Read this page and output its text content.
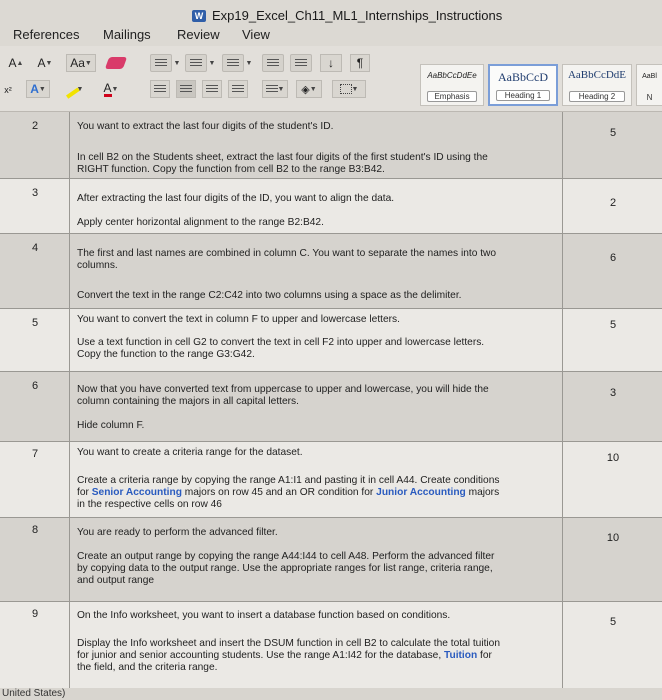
W Exp19_Excel_Ch11_ML1_Internships_Instructions
References Mailings Review View
A ▲ A ▼ Aa ▼	▼	▼	▼	↓ ¶
x² A ▼	▼ A ▼	▼ ◈ ▼	▼
AaBbCcDdEe
Emphasis
AaBbCcD
Heading 1
AaBbCcDdE
Heading 2
AaBl
N
2	You want to extract the last four digits of the student's ID.
In cell B2 on the Students sheet, extract the last four digits of the first student's ID using the
RIGHT function. Copy the function from cell B2 to the range B3:B42.
5
3	After extracting the last four digits of the ID, you want to align the data.
Apply center horizontal alignment to the range B2:B42.
2
4	The first and last names are combined in column C. You want to separate the names into two
columns.
Convert the text in the range C2:C42 into two columns using a space as the delimiter.
6
5	You want to convert the text in column F to upper and lowercase letters.
Use a text function in cell G2 to convert the text in cell F2 into upper and lowercase letters.
Copy the function to the range G3:G42.
5
6	Now that you have converted text from uppercase to upper and lowercase, you will hide the
column containing the majors in all capital letters.
Hide column F.
3
7	You want to create a criteria range for the dataset.
Create a criteria range by copying the range A1:I1 and pasting it in cell A44. Create conditions
for Senior Accounting majors on row 45 and an OR condition for Junior Accounting majors
in the respective cells on row 46
10
8	You are ready to perform the advanced filter.
Create an output range by copying the range A44:I44 to cell A48. Perform the advanced filter
by copying data to the output range. Use the appropriate ranges for list range, criteria range,
and output range
10
9	On the Info worksheet, you want to insert a database function based on conditions.
Display the Info worksheet and insert the DSUM function in cell B2 to calculate the total tuition
for junior and senior accounting students. Use the range A1:I42 for the database, Tuition for
the field, and the criteria range.
5
United States)
